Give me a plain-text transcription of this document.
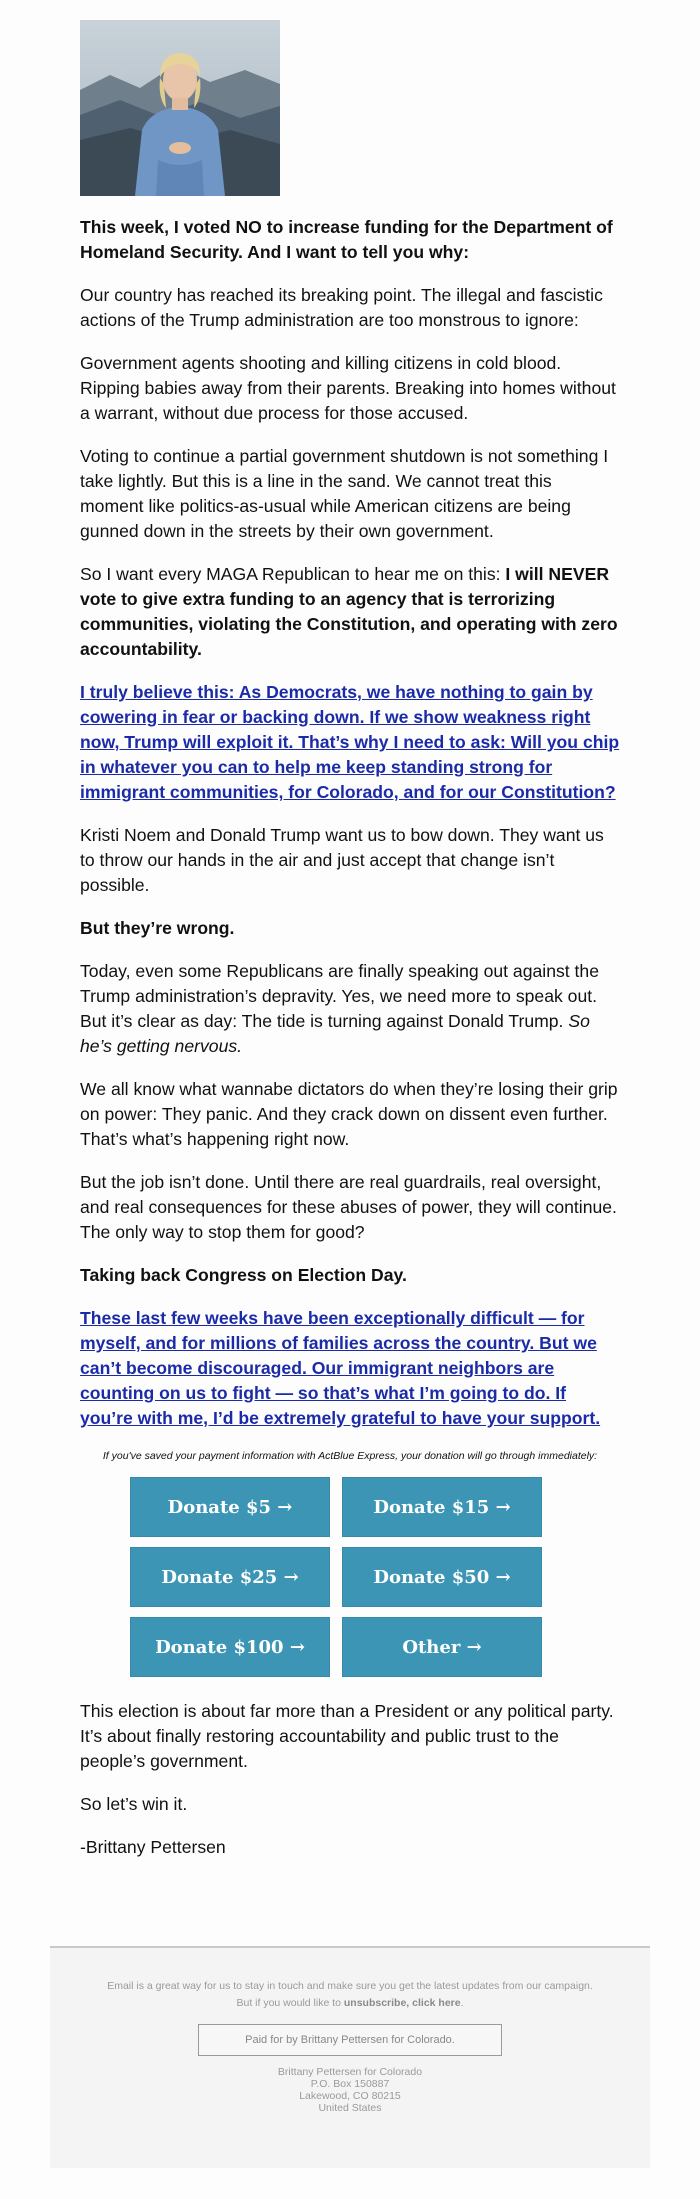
This week, I voted NO to increase funding for the Department of Homeland Security. And I want to tell you why:

Our country has reached its breaking point. The illegal and fascistic actions of the Trump administration are too monstrous to ignore:

Government agents shooting and killing citizens in cold blood. Ripping babies away from their parents. Breaking into homes without a warrant, without due process for those accused.

Voting to continue a partial government shutdown is not something I take lightly. But this is a line in the sand. We cannot treat this moment like politics-as-usual while American citizens are being gunned down in the streets by their own government.

So I want every MAGA Republican to hear me on this: I will NEVER vote to give extra funding to an agency that is terrorizing communities, violating the Constitution, and operating with zero accountability.

I truly believe this: As Democrats, we have nothing to gain by cowering in fear or backing down. If we show weakness right now, Trump will exploit it. That’s why I need to ask: Will you chip in whatever you can to help me keep standing strong for immigrant communities, for Colorado, and for our Constitution?

Kristi Noem and Donald Trump want us to bow down. They want us to throw our hands in the air and just accept that change isn’t possible.

But they’re wrong.

Today, even some Republicans are finally speaking out against the Trump administration’s depravity. Yes, we need more to speak out. But it’s clear as day: The tide is turning against Donald Trump. So he’s getting nervous.

We all know what wannabe dictators do when they’re losing their grip on power: They panic. And they crack down on dissent even further. That’s what’s happening right now.

But the job isn’t done. Until there are real guardrails, real oversight, and real consequences for these abuses of power, they will continue. The only way to stop them for good?

Taking back Congress on Election Day.

These last few weeks have been exceptionally difficult — for myself, and for millions of families across the country. But we can’t become discouraged. Our immigrant neighbors are counting on us to fight — so that’s what I’m going to do. If you’re with me, I’d be extremely grateful to have your support.

If you've saved your payment information with ActBlue Express, your donation will go through immediately:
Donate $5 →	Donate $15 →
Donate $25 →	Donate $50 →
Donate $100 →	Other →

This election is about far more than a President or any political party. It’s about finally restoring accountability and public trust to the people’s government.

So let’s win it.

-Brittany Pettersen

Email is a great way for us to stay in touch and make sure you get the latest updates from our campaign.
But if you would like to unsubscribe, click here.
Paid for by Brittany Pettersen for Colorado.
Brittany Pettersen for Colorado
P.O. Box 150887
Lakewood, CO 80215
United States
